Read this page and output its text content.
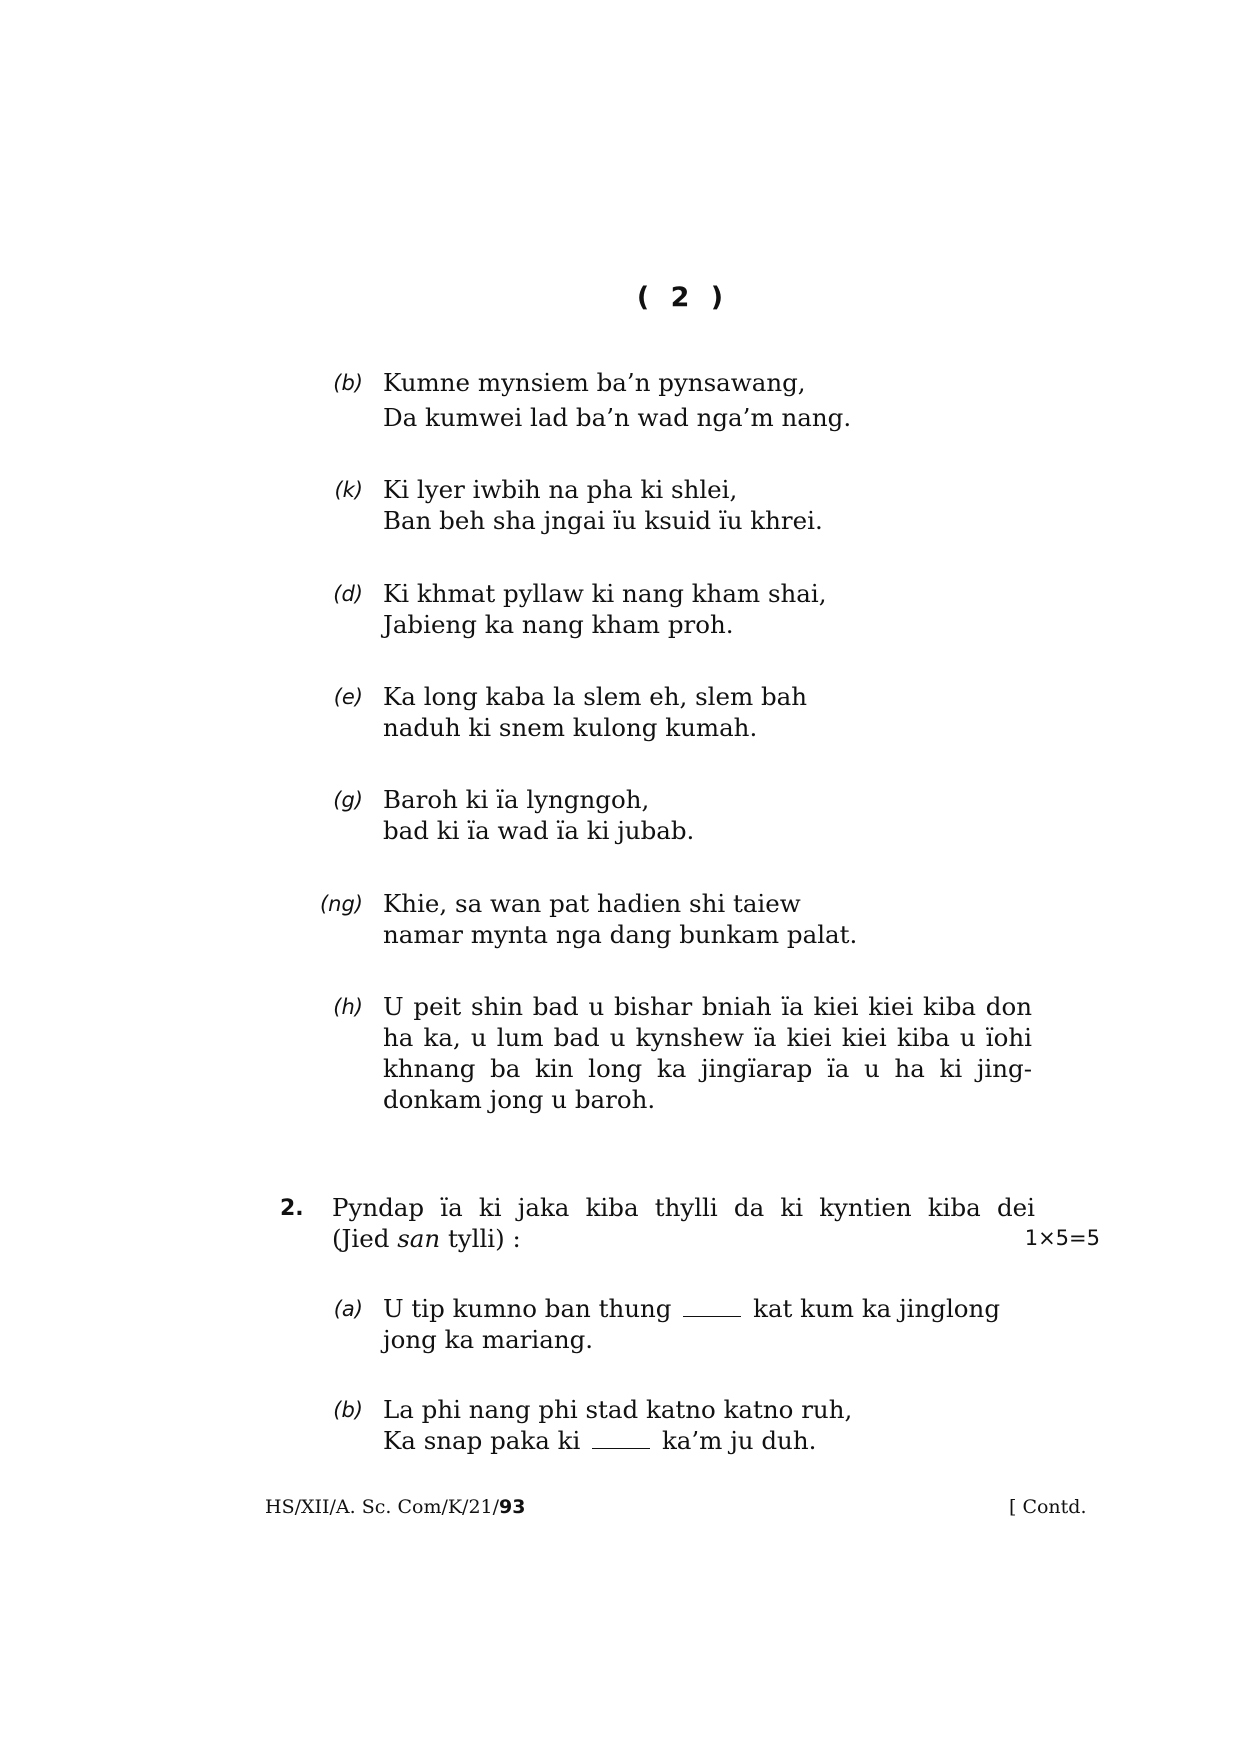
( 2 )
(b) Kumne mynsiem ba’n pynsawang,
Da kumwei lad ba’n wad nga’m nang.
(k) Ki lyer iwbih na pha ki shlei,
Ban beh sha jngai ïu ksuid ïu khrei.
(d) Ki khmat pyllaw ki nang kham shai,
Jabieng ka nang kham proh.
(e) Ka long kaba la slem eh, slem bah
naduh ki snem kulong kumah.
(g) Baroh ki ïa lyngngoh,
bad ki ïa wad ïa ki jubab.
(ng) Khie, sa wan pat hadien shi taiew
namar mynta nga dang bunkam palat.
(h) U peit shin bad u bishar bniah ïa kiei kiei kiba don
ha ka, u lum bad u kynshew ïa kiei kiei kiba u ïohi
khnang ba kin long ka jingïarap ïa u ha ki jing-
donkam jong u baroh.
2. Pyndap ïa ki jaka kiba thylli da ki kyntien kiba dei
(Jied san tylli) :	1×5=5
(a) U tip kumno ban thung	kat kum ka jinglong
jong ka mariang.
(b) La phi nang phi stad katno katno ruh,
Ka snap paka ki	ka’m ju duh.
HS/XII/A. Sc. Com/K/21/93	[ Contd.
